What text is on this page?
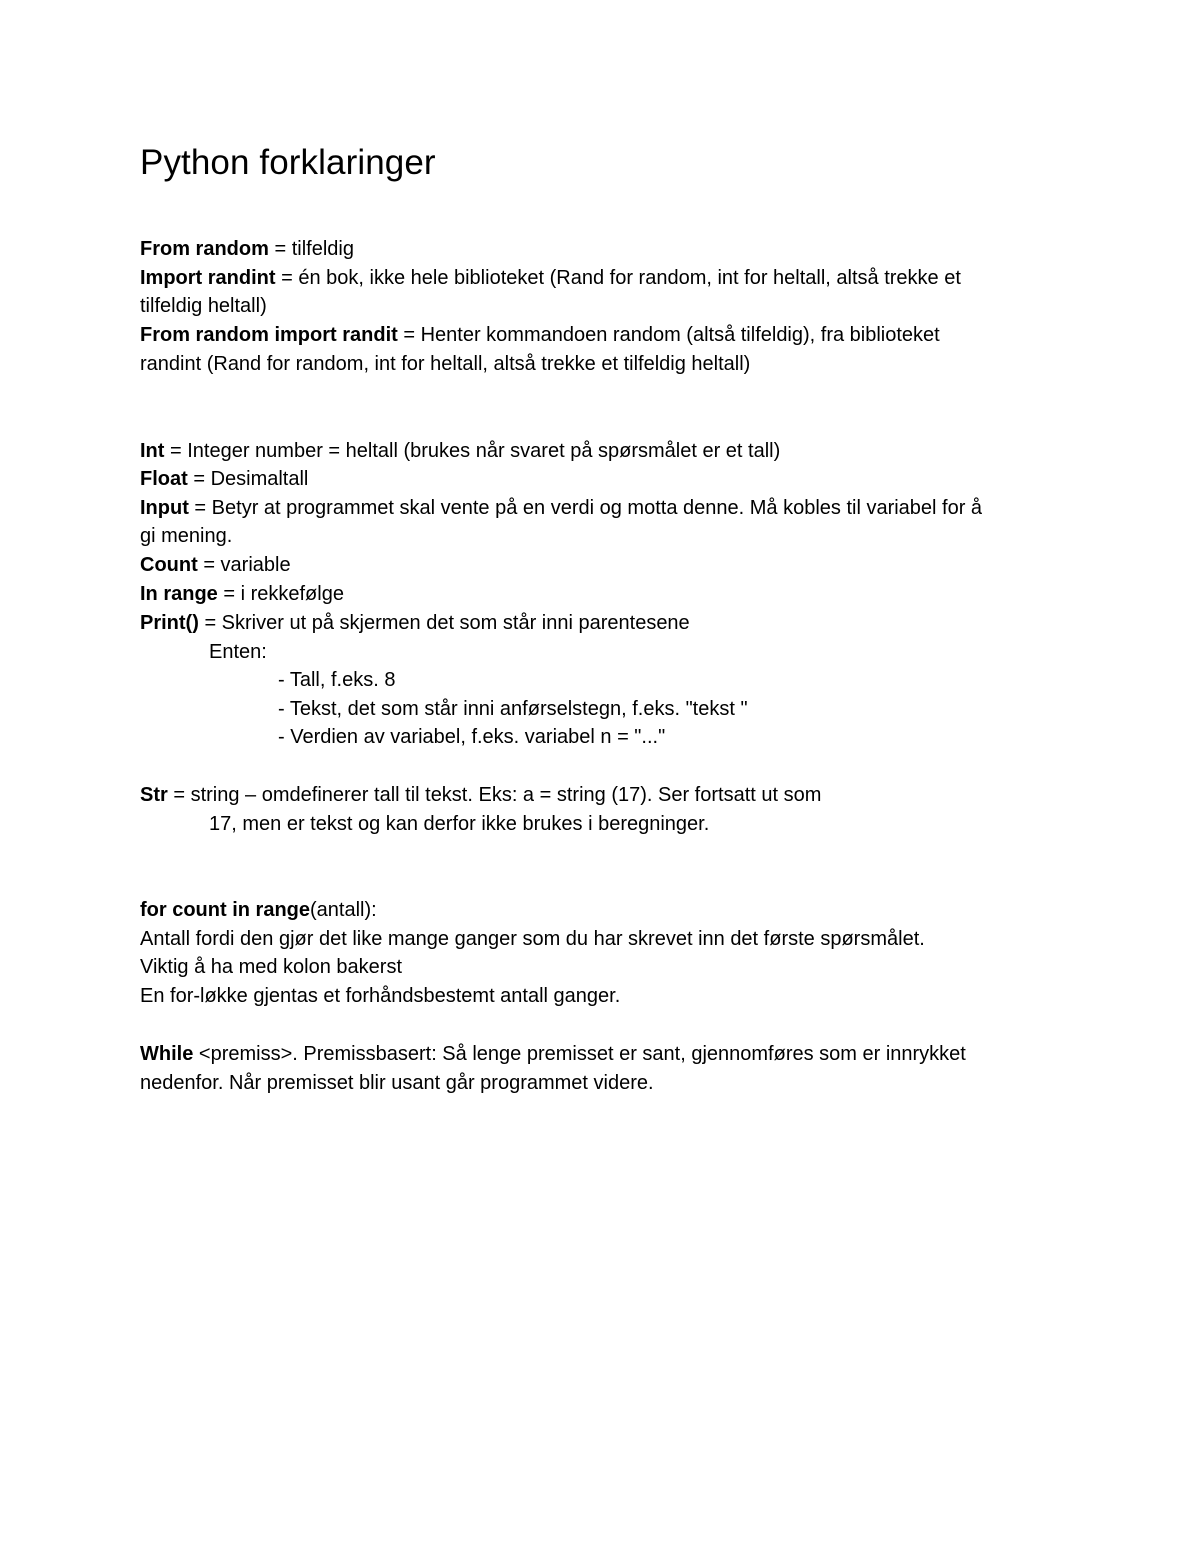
Python forklaringer
From random = tilfeldig
Import randint = én bok, ikke hele biblioteket (Rand for random, int for heltall, altså trekke et
tilfeldig heltall)
From random import randit = Henter kommandoen random (altså tilfeldig), fra biblioteket
randint (Rand for random, int for heltall, altså trekke et tilfeldig heltall)
Int = Integer number = heltall (brukes når svaret på spørsmålet er et tall)
Float = Desimaltall
Input = Betyr at programmet skal vente på en verdi og motta denne. Må kobles til variabel for å
gi mening.
Count = variable
In range = i rekkefølge
Print() = Skriver ut på skjermen det som står inni parentesene
Enten:
- Tall, f.eks. 8
- Tekst, det som står inni anførselstegn, f.eks. "tekst "
- Verdien av variabel, f.eks. variabel n = "..."
Str = string – omdefinerer tall til tekst. Eks: a = string (17). Ser fortsatt ut som
17, men er tekst og kan derfor ikke brukes i beregninger.
for count in range(antall):
Antall fordi den gjør det like mange ganger som du har skrevet inn det første spørsmålet.
Viktig å ha med kolon bakerst
En for-løkke gjentas et forhåndsbestemt antall ganger.
While <premiss>. Premissbasert: Så lenge premisset er sant, gjennomføres som er innrykket
nedenfor. Når premisset blir usant går programmet videre.
